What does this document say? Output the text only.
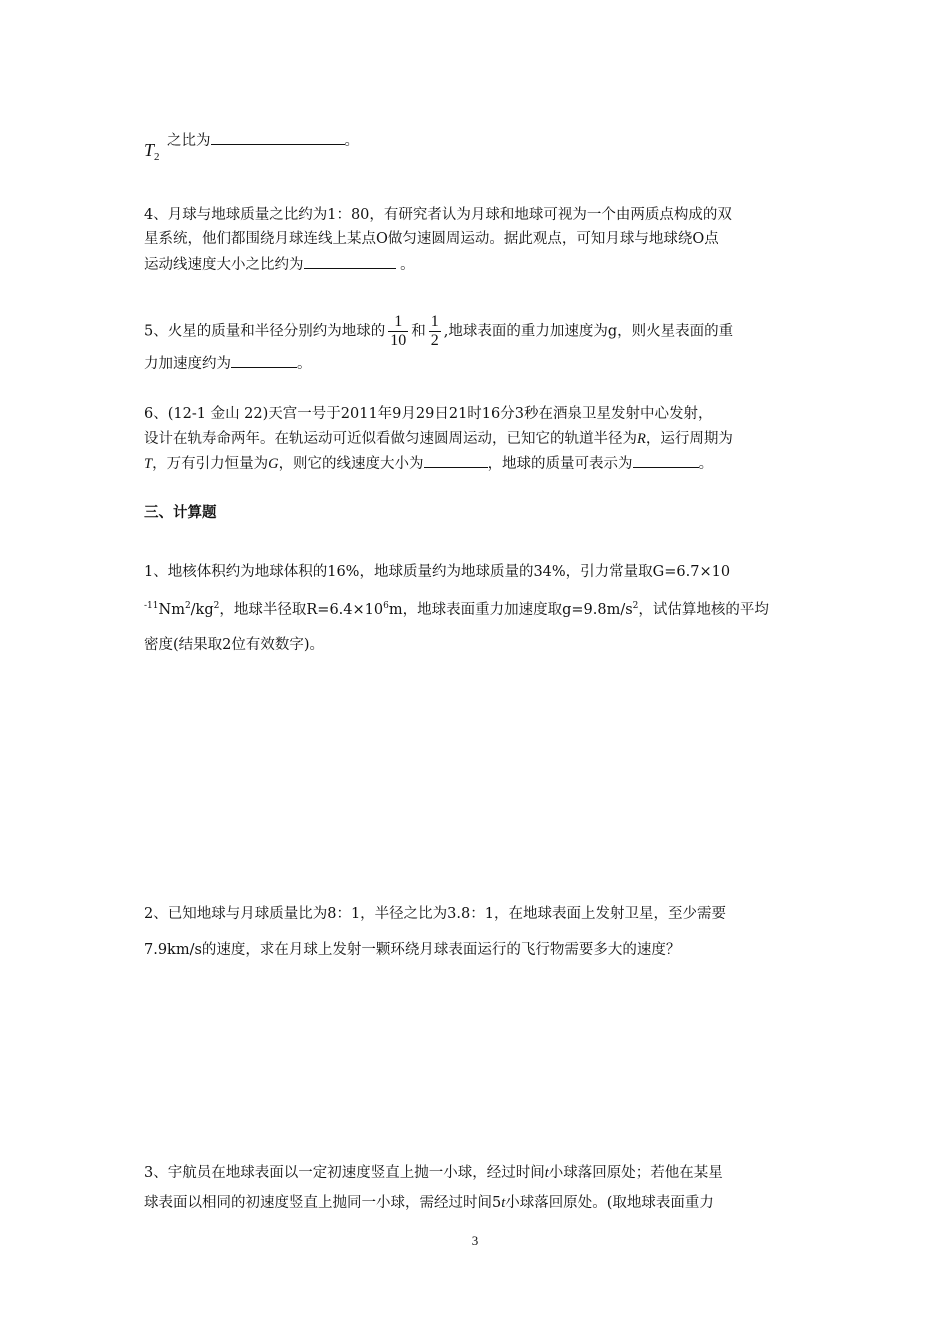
$T_2$
之比为	。
4、月球与地球质量之比约为1：80，有研究者认为月球和地球可视为一个由两质点构成的双
星系统，他们都围绕月球连线上某点O做匀速圆周运动。据此观点，可知月球与地球绕O点
运动线速度大小之比约为	。
5、火星的质量和半径分别约为地球的 $\frac{1}{10}$ 和 $\frac{1}{2}$ ,地球表面的重力加速度为g，则火星表面的重
力加速度约为	。
6、(12-1 金山 22)天宫一号于2011年9月29日21时16分3秒在酒泉卫星发射中心发射，
设计在轨寿命两年。在轨运动可近似看做匀速圆周运动，已知它的轨道半径为R，运行周期为
T，万有引力恒量为G，则它的线速度大小为	，地球的质量可表示为	。
三、计算题
1、地核体积约为地球体积的16%，地球质量约为地球质量的34%，引力常量取G=6.7×10
$^{-11}Nm^2/kg^2$，地球半径取$R=6.4\times 10^6m$，地球表面重力加速度取$g=9.8m/s^2$，试估算地核的平均
密度(结果取2位有效数字)。
2、已知地球与月球质量比为8：1，半径之比为3.8：1，在地球表面上发射卫星，至少需要
7.9km/s的速度，求在月球上发射一颗环绕月球表面运行的飞行物需要多大的速度？
3、宇航员在地球表面以一定初速度竖直上抛一小球，经过时间t小球落回原处；若他在某星
球表面以相同的初速度竖直上抛同一小球，需经过时间5t小球落回原处。(取地球表面重力
3
